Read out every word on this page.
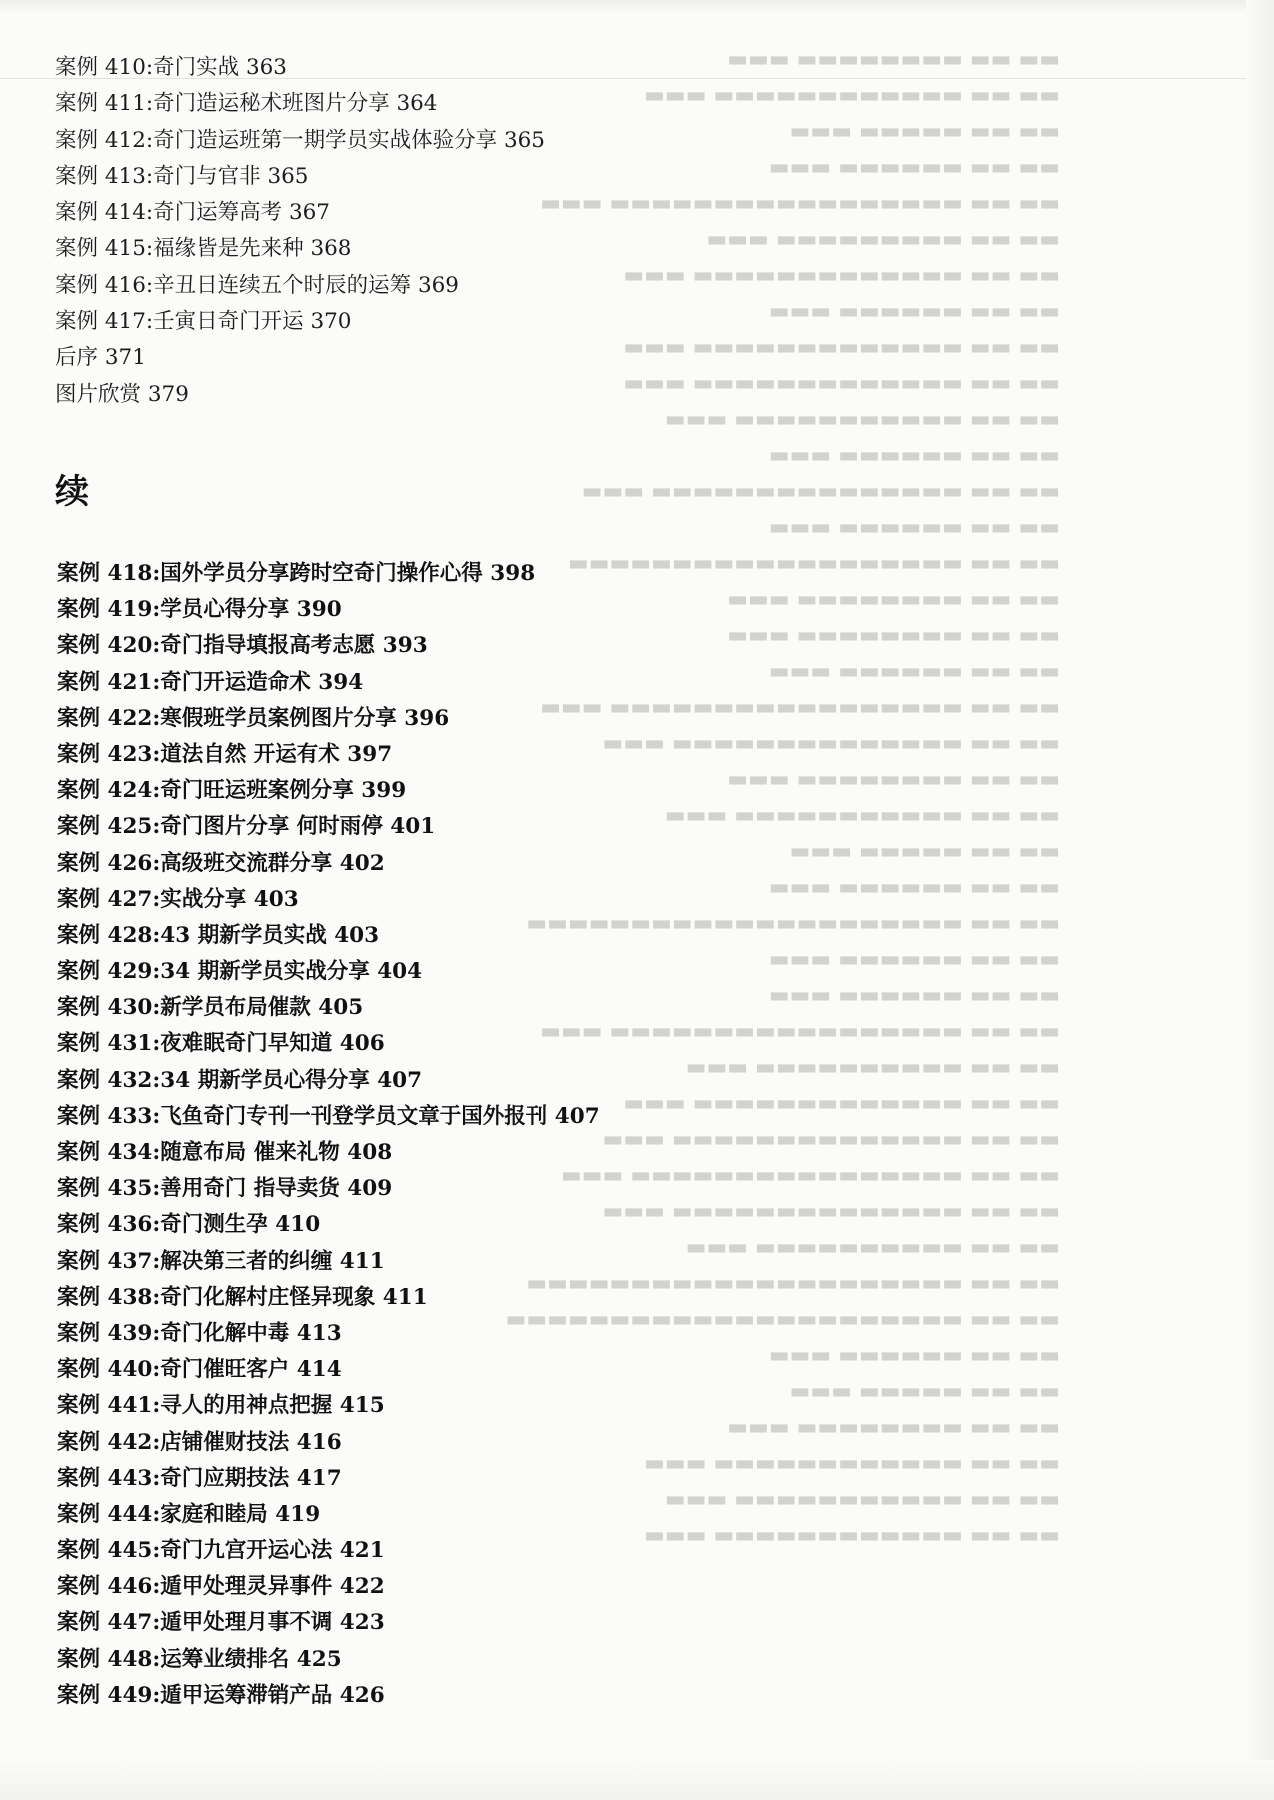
▬▬ ▬▬ ▬▬▬▬▬▬▬▬ ▬▬▬
▬▬ ▬▬ ▬▬▬▬▬▬▬▬▬▬▬▬ ▬▬▬
▬▬ ▬▬ ▬▬▬▬▬ ▬▬▬
▬▬ ▬▬ ▬▬▬▬▬▬ ▬▬▬
▬▬ ▬▬ ▬▬▬▬▬▬▬▬▬▬▬▬▬▬▬▬▬ ▬▬▬
▬▬ ▬▬ ▬▬▬▬▬▬▬▬▬ ▬▬▬
▬▬ ▬▬ ▬▬▬▬▬▬▬▬▬▬▬▬▬ ▬▬▬
▬▬ ▬▬ ▬▬▬▬▬▬ ▬▬▬
▬▬ ▬▬ ▬▬▬▬▬▬▬▬▬▬▬▬▬ ▬▬▬
▬▬ ▬▬ ▬▬▬▬▬▬▬▬▬▬▬▬▬ ▬▬▬
▬▬ ▬▬ ▬▬▬▬▬▬▬▬▬▬▬ ▬▬▬
▬▬ ▬▬ ▬▬▬▬▬▬ ▬▬▬
▬▬ ▬▬ ▬▬▬▬▬▬▬▬▬▬▬▬▬▬▬ ▬▬▬
▬▬ ▬▬ ▬▬▬▬▬▬ ▬▬▬
▬▬ ▬▬ ▬▬▬▬▬▬▬▬▬▬▬▬▬▬▬▬▬▬▬
▬▬ ▬▬ ▬▬▬▬▬▬▬▬ ▬▬▬
▬▬ ▬▬ ▬▬▬▬▬▬▬▬ ▬▬▬
▬▬ ▬▬ ▬▬▬▬▬▬ ▬▬▬
▬▬ ▬▬ ▬▬▬▬▬▬▬▬▬▬▬▬▬▬▬▬▬ ▬▬▬
▬▬ ▬▬ ▬▬▬▬▬▬▬▬▬▬▬▬▬▬ ▬▬▬
▬▬ ▬▬ ▬▬▬▬▬▬▬▬ ▬▬▬
▬▬ ▬▬ ▬▬▬▬▬▬▬▬▬▬▬ ▬▬▬
▬▬ ▬▬ ▬▬▬▬▬ ▬▬▬
▬▬ ▬▬ ▬▬▬▬▬▬ ▬▬▬
▬▬ ▬▬ ▬▬▬▬▬▬▬▬▬▬▬▬▬▬▬▬▬▬▬▬▬
▬▬ ▬▬ ▬▬▬▬▬▬ ▬▬▬
▬▬ ▬▬ ▬▬▬▬▬▬ ▬▬▬
▬▬ ▬▬ ▬▬▬▬▬▬▬▬▬▬▬▬▬▬▬▬▬ ▬▬▬
▬▬ ▬▬ ▬▬▬▬▬▬▬▬▬▬ ▬▬▬
▬▬ ▬▬ ▬▬▬▬▬▬▬▬▬▬▬▬▬ ▬▬▬
▬▬ ▬▬ ▬▬▬▬▬▬▬▬▬▬▬▬▬▬ ▬▬▬
▬▬ ▬▬ ▬▬▬▬▬▬▬▬▬▬▬▬▬▬▬▬ ▬▬▬
▬▬ ▬▬ ▬▬▬▬▬▬▬▬▬▬▬▬▬▬ ▬▬▬
▬▬ ▬▬ ▬▬▬▬▬▬▬▬▬▬ ▬▬▬
▬▬ ▬▬ ▬▬▬▬▬▬▬▬▬▬▬▬▬▬▬▬▬▬▬▬▬
▬▬ ▬▬ ▬▬▬▬▬▬▬▬▬▬▬▬▬▬▬▬▬▬▬▬▬▬
▬▬ ▬▬ ▬▬▬▬▬▬ ▬▬▬
▬▬ ▬▬ ▬▬▬▬▬ ▬▬▬
▬▬ ▬▬ ▬▬▬▬▬▬▬▬ ▬▬▬
▬▬ ▬▬ ▬▬▬▬▬▬▬▬▬▬▬▬ ▬▬▬
▬▬ ▬▬ ▬▬▬▬▬▬▬▬▬▬▬ ▬▬▬
▬▬ ▬▬ ▬▬▬▬▬▬▬▬▬▬▬▬ ▬▬▬
案例 410:奇门实战 363
案例 411:奇门造运秘术班图片分享 364
案例 412:奇门造运班第一期学员实战体验分享 365
案例 413:奇门与官非 365
案例 414:奇门运筹高考 367
案例 415:福缘皆是先来种 368
案例 416:辛丑日连续五个时辰的运筹 369
案例 417:壬寅日奇门开运 370
后序 371
图片欣赏 379
续
案例 418:国外学员分享跨时空奇门操作心得 398
案例 419:学员心得分享 390
案例 420:奇门指导填报高考志愿 393
案例 421:奇门开运造命术 394
案例 422:寒假班学员案例图片分享 396
案例 423:道法自然 开运有术 397
案例 424:奇门旺运班案例分享 399
案例 425:奇门图片分享 何时雨停 401
案例 426:高级班交流群分享 402
案例 427:实战分享 403
案例 428:43 期新学员实战 403
案例 429:34 期新学员实战分享 404
案例 430:新学员布局催款 405
案例 431:夜难眠奇门早知道 406
案例 432:34 期新学员心得分享 407
案例 433:飞鱼奇门专刊一刊登学员文章于国外报刊 407
案例 434:随意布局 催来礼物 408
案例 435:善用奇门 指导卖货 409
案例 436:奇门测生孕 410
案例 437:解决第三者的纠缠 411
案例 438:奇门化解村庄怪异现象 411
案例 439:奇门化解中毒 413
案例 440:奇门催旺客户 414
案例 441:寻人的用神点把握 415
案例 442:店铺催财技法 416
案例 443:奇门应期技法 417
案例 444:家庭和睦局 419
案例 445:奇门九宫开运心法 421
案例 446:遁甲处理灵异事件 422
案例 447:遁甲处理月事不调 423
案例 448:运筹业绩排名 425
案例 449:遁甲运筹滞销产品 426
